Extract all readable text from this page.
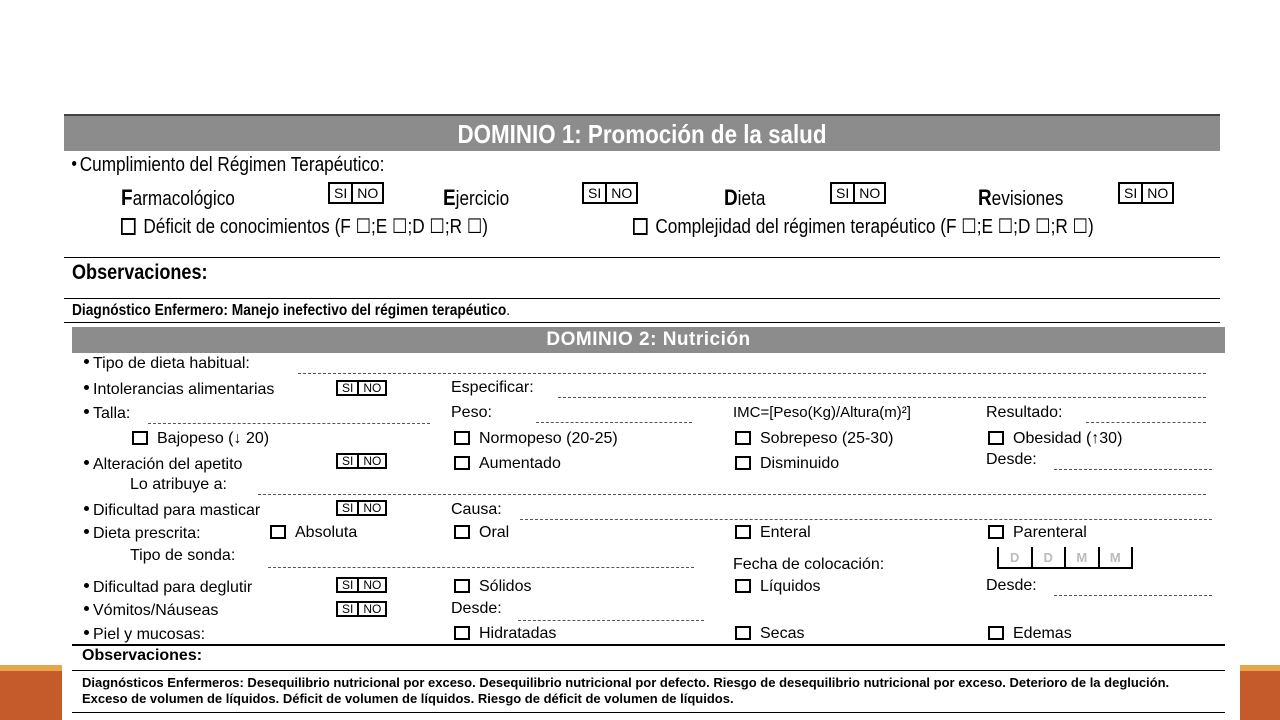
DOMINIO 1: Promoción de la salud
Cumplimiento del Régimen Terapéutico:
Farmacológico	SI NO	Ejercicio	SI NO	Dieta	SI NO	Revisiones	SI NO
Déficit de conocimientos (F ☐;E ☐;D ☐;R ☐)	Complejidad del régimen terapéutico (F ☐;E ☐;D ☐;R ☐)
Observaciones:
Diagnóstico Enfermero: Manejo inefectivo del régimen terapéutico.
DOMINIO 2: Nutrición
Tipo de dieta habitual:
Intolerancias alimentarias	SI NO	Especificar:
Talla:	Peso:	IMC=[Peso(Kg)/Altura(m)²]	Resultado:
Bajopeso (↓ 20)	Normopeso (20-25)	Sobrepeso (25-30)	Obesidad (↑30)
Alteración del apetito	SI NO	Aumentado	Disminuido	Desde:
Lo atribuye a:
Dificultad para masticar	SI NO	Causa:
Dieta prescrita:	Absoluta	Oral	Enteral	Parenteral
Tipo de sonda:
Fecha de colocación:	D	D	M	M
Dificultad para deglutir	SI NO	Sólidos	Líquidos	Desde:
Vómitos/Náuseas	SI NO	Desde:
Piel y mucosas:	Hidratadas	Secas	Edemas
Observaciones:
Diagnósticos Enfermeros: Desequilibrio nutricional por exceso. Desequilibrio nutricional por defecto. Riesgo de desequilibrio nutricional por exceso. Deterioro de la deglución. Exceso de volumen de líquidos. Déficit de volumen de líquidos. Riesgo de déficit de volumen de líquidos.
